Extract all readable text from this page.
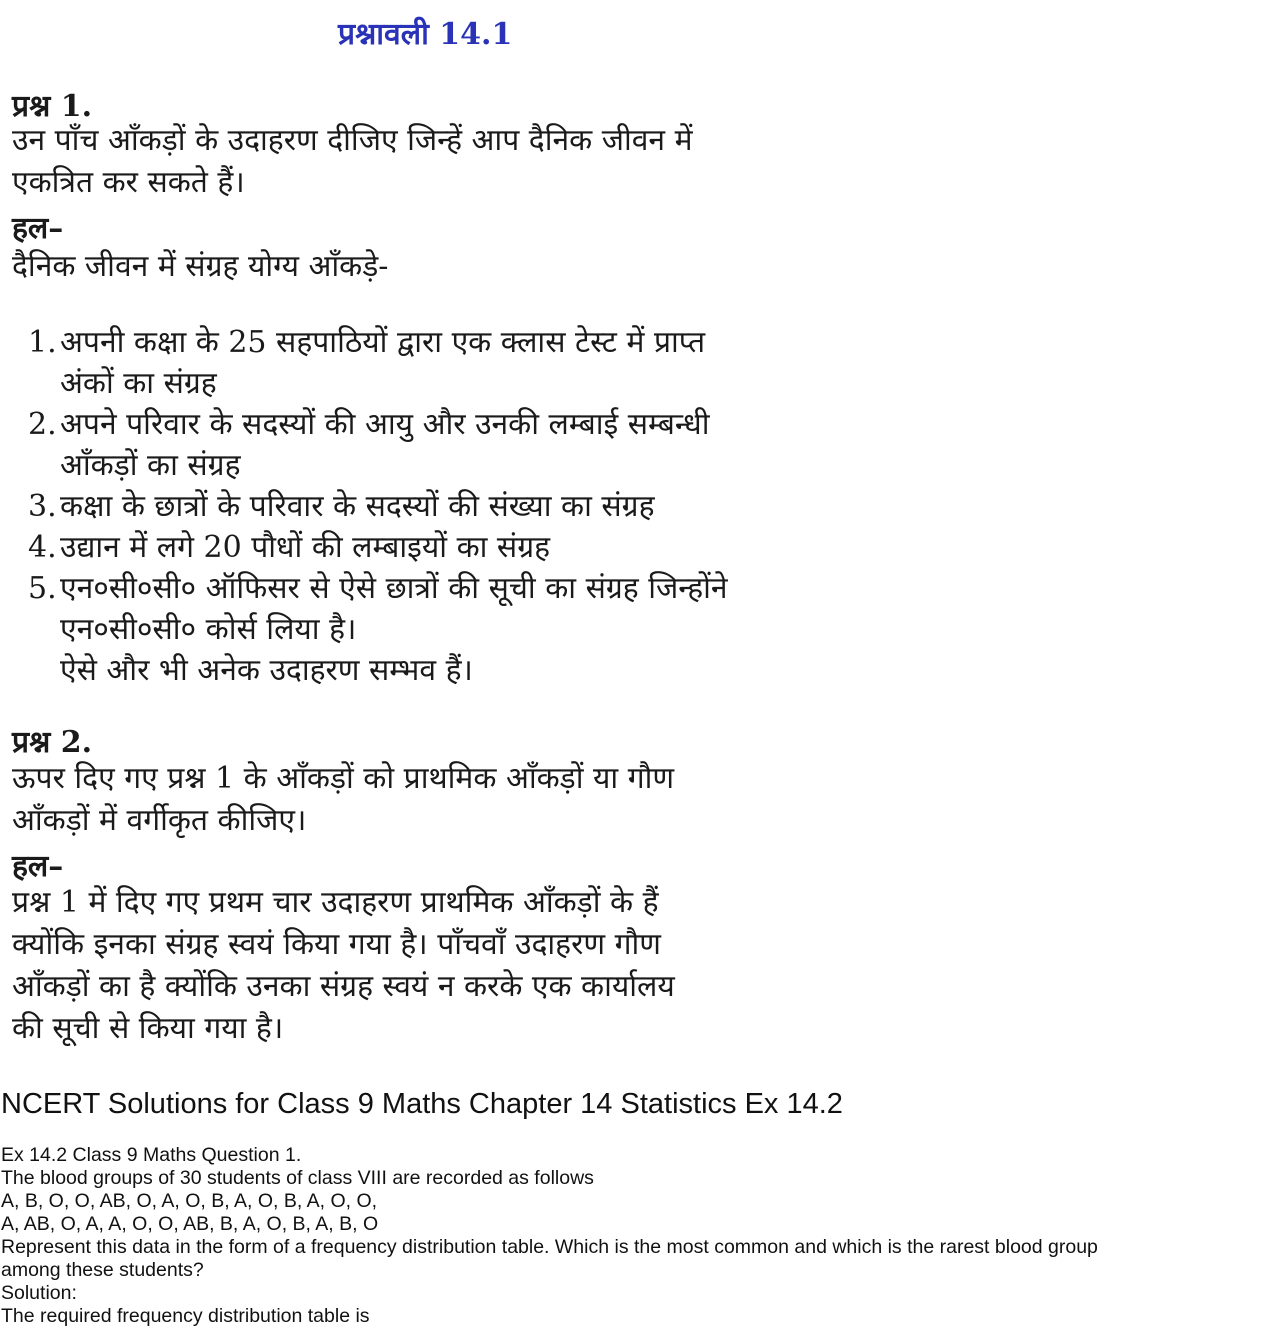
प्रश्नावली 14.1
प्रश्न 1.
उन पाँच आँकड़ों के उदाहरण दीजिए जिन्हें आप दैनिक जीवन में
एकत्रित कर सकते हैं।
हल–
दैनिक जीवन में संग्रह योग्य आँकड़े-
1. अपनी कक्षा के 25 सहपाठियों द्वारा एक क्लास टेस्ट में प्राप्त
अंकों का संग्रह
2. अपने परिवार के सदस्यों की आयु और उनकी लम्बाई सम्बन्धी
आँकड़ों का संग्रह
3. कक्षा के छात्रों के परिवार के सदस्यों की संख्या का संग्रह
4. उद्यान में लगे 20 पौधों की लम्बाइयों का संग्रह
5. एन०सी०सी० ऑफिसर से ऐसे छात्रों की सूची का संग्रह जिन्होंने
एन०सी०सी० कोर्स लिया है।
ऐसे और भी अनेक उदाहरण सम्भव हैं।
प्रश्न 2.
ऊपर दिए गए प्रश्न 1 के आँकड़ों को प्राथमिक आँकड़ों या गौण
आँकड़ों में वर्गीकृत कीजिए।
हल–
प्रश्न 1 में दिए गए प्रथम चार उदाहरण प्राथमिक आँकड़ों के हैं
क्योंकि इनका संग्रह स्वयं किया गया है। पाँचवाँ उदाहरण गौण
आँकड़ों का है क्योंकि उनका संग्रह स्वयं न करके एक कार्यालय
की सूची से किया गया है।
NCERT Solutions for Class 9 Maths Chapter 14 Statistics Ex 14.2
Ex 14.2 Class 9 Maths Question 1.
The blood groups of 30 students of class VIII are recorded as follows
A, B, O, O, AB, O, A, O, B, A, O, B, A, O, O,
A, AB, O, A, A, O, O, AB, B, A, O, B, A, B, O
Represent this data in the form of a frequency distribution table. Which is the most common and which is the rarest blood group
among these students?
Solution:
The required frequency distribution table is
